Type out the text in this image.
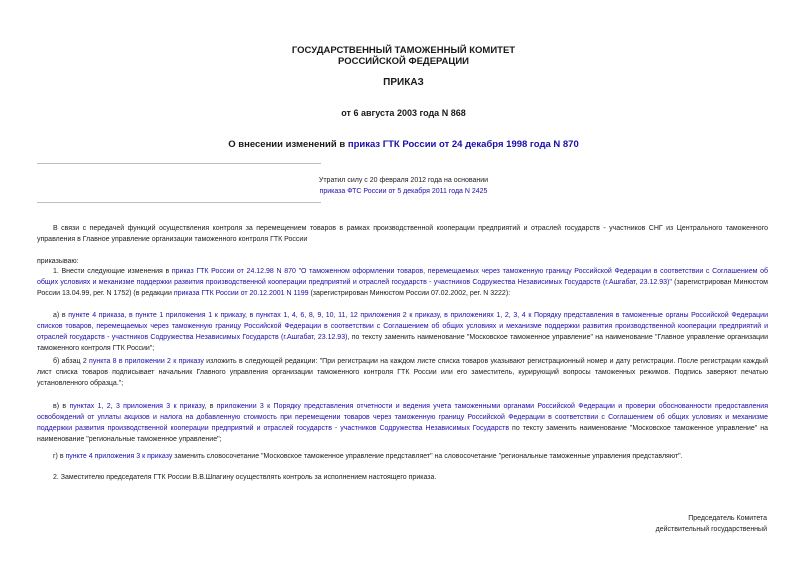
ГОСУДАРСТВЕННЫЙ ТАМОЖЕННЫЙ КОМИТЕТ
РОССИЙСКОЙ ФЕДЕРАЦИИ
ПРИКАЗ
от 6 августа 2003 года N 868
О внесении изменений в приказ ГТК России от 24 декабря 1998 года N 870
Утратил силу с 20 февраля 2012 года на основании
приказа ФТС России от 5 декабря 2011 года N 2425

В связи с передачей функций осуществления контроля за перемещением товаров в рамках производственной кооперации предприятий и отраслей государств - участников СНГ из Центрального таможенного управления в Главное управление организации таможенного контроля ГТК России

приказываю:

1. Внести следующие изменения в приказ ГТК России от 24.12.98 N 870 "О таможенном оформлении товаров, перемещаемых через таможенную границу Российской Федерации в соответствии с Соглашением об общих условиях и механизме поддержки развития производственной кооперации предприятий и отраслей государств - участников Содружества Независимых Государств (г.Ашгабат, 23.12.93)" (зарегистрирован Минюстом России 13.04.99, рег. N 1752) (в редакции приказа ГТК России от 20.12.2001 N 1199 (зарегистрирован Минюстом России 07.02.2002, рег. N 3222):

а) в пункте 4 приказа, в пункте 1 приложения 1 к приказу, в пунктах 1, 4, 6, 8, 9, 10, 11, 12 приложения 2 к приказу, в приложениях 1, 2, 3, 4 к Порядку представления в таможенные органы Российской Федерации списков товаров, перемещаемых через таможенную границу Российской Федерации в соответствии с Соглашением об общих условиях и механизме поддержки развития производственной кооперации предприятий и отраслей государств - участников Содружества Независимых Государств (г.Ашгабат, 23.12.93), по тексту заменить наименование "Московское таможенное управление" на наименование "Главное управление организации таможенного контроля ГТК России";

б) абзац 2 пункта 8 в приложении 2 к приказу изложить в следующей редакции: "При регистрации на каждом листе списка товаров указывают регистрационный номер и дату регистрации. После регистрации каждый лист списка товаров подписывает начальник Главного управления организации таможенного контроля ГТК России или его заместитель, курирующий вопросы таможенных режимов. Подпись заверяют печатью установленного образца.";

в) в пунктах 1, 2, 3 приложения 3 к приказу, в приложении 3 к Порядку представления отчетности и ведения учета таможенными органами Российской Федерации и проверки обоснованности предоставления освобождений от уплаты акцизов и налога на добавленную стоимость при перемещении товаров через таможенную границу Российской Федерации в соответствии с Соглашением об общих условиях и механизме поддержки развития производственной кооперации предприятий и отраслей государств - участников Содружества Независимых Государств по тексту заменить наименование "Московское таможенное управление" на наименование "региональные таможенное управление";

г) в пункте 4 приложения 3 к приказу заменить словосочетание "Московское таможенное управление представляет" на словосочетание "региональные таможенные управления представляют".

2. Заместителю председателя ГТК России В.В.Шпагину осуществлять контроль за исполнением настоящего приказа.

Председатель Комитета
действительный государственный
